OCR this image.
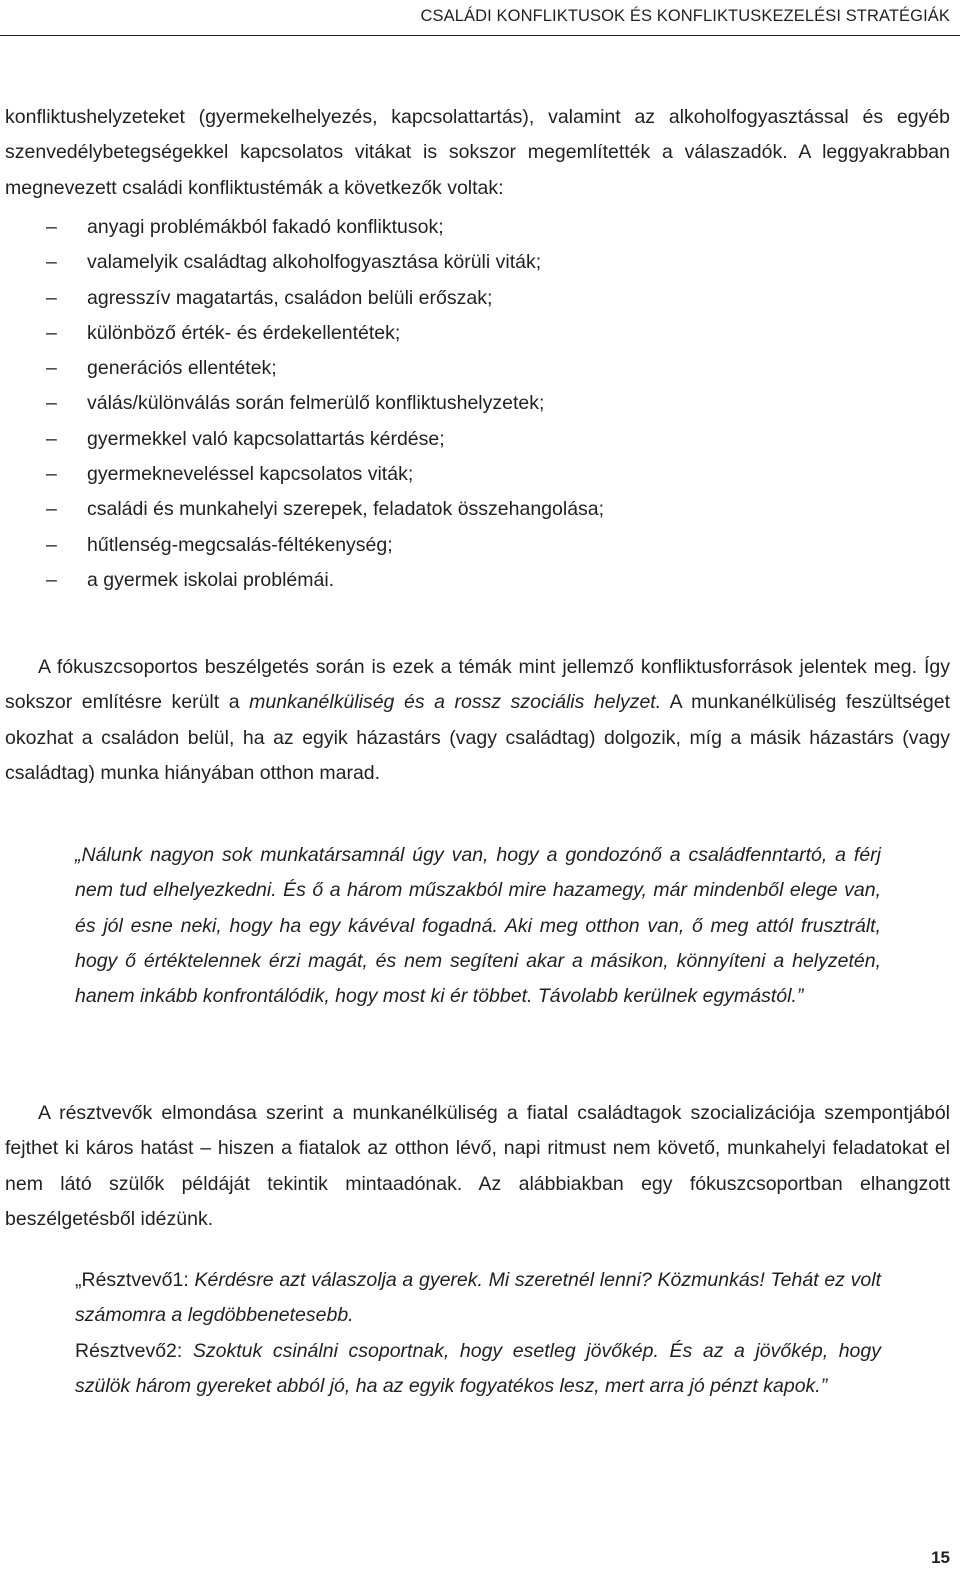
CSALÁDI KONFLIKTUSOK ÉS KONFLIKTUSKEZELÉSI STRATÉGIÁK

konfliktushelyzeteket (gyermekelhelyezés, kapcsolattartás), valamint az alkoholfogyasztással és egyéb szenvedélybetegségekkel kapcsolatos vitákat is sokszor megemlítették a válaszadók. A leggyakrabban megnevezett családi konfliktustémák a következők voltak:

–	anyagi problémákból fakadó konfliktusok;
–	valamelyik családtag alkoholfogyasztása körüli viták;
–	agresszív magatartás, családon belüli erőszak;
–	különböző érték- és érdekellentétek;
–	generációs ellentétek;
–	válás/különválás során felmerülő konfliktushelyzetek;
–	gyermekkel való kapcsolattartás kérdése;
–	gyermekneveléssel kapcsolatos viták;
–	családi és munkahelyi szerepek, feladatok összehangolása;
–	hűtlenség-megcsalás-féltékenység;
–	a gyermek iskolai problémái.

A fókuszcsoportos beszélgetés során is ezek a témák mint jellemző konfliktusforrások jelentek meg. Így sokszor említésre került a munkanélküliség és a rossz szociális helyzet. A munkanélküliség feszültséget okozhat a családon belül, ha az egyik házastárs (vagy családtag) dolgozik, míg a másik házastárs (vagy családtag) munka hiányában otthon marad.

„Nálunk nagyon sok munkatársamnál úgy van, hogy a gondozónő a családfenntartó, a férj nem tud elhelyezkedni. És ő a három műszakból mire hazamegy, már mindenből elege van, és jól esne neki, hogy ha egy kávéval fogadná. Aki meg otthon van, ő meg attól frusztrált, hogy ő értéktelennek érzi magát, és nem segíteni akar a másikon, könnyíteni a helyzetén, hanem inkább konfrontálódik, hogy most ki ér többet. Távolabb kerülnek egymástól.”

A résztvevők elmondása szerint a munkanélküliség a fiatal családtagok szocializációja szempontjából fejthet ki káros hatást – hiszen a fiatalok az otthon lévő, napi ritmust nem követő, munkahelyi feladatokat el nem látó szülők példáját tekintik mintaadónak. Az alábbiakban egy fókuszcsoportban elhangzott beszélgetésből idézünk.

„Résztvevő1: Kérdésre azt válaszolja a gyerek. Mi szeretnél lenni? Közmunkás! Tehát ez volt számomra a legdöbbenetesebb.
Résztvevő2: Szoktuk csinálni csoportnak, hogy esetleg jövőkép. És az a jövőkép, hogy szülök három gyereket abból jó, ha az egyik fogyatékos lesz, mert arra jó pénzt kapok.”

15
